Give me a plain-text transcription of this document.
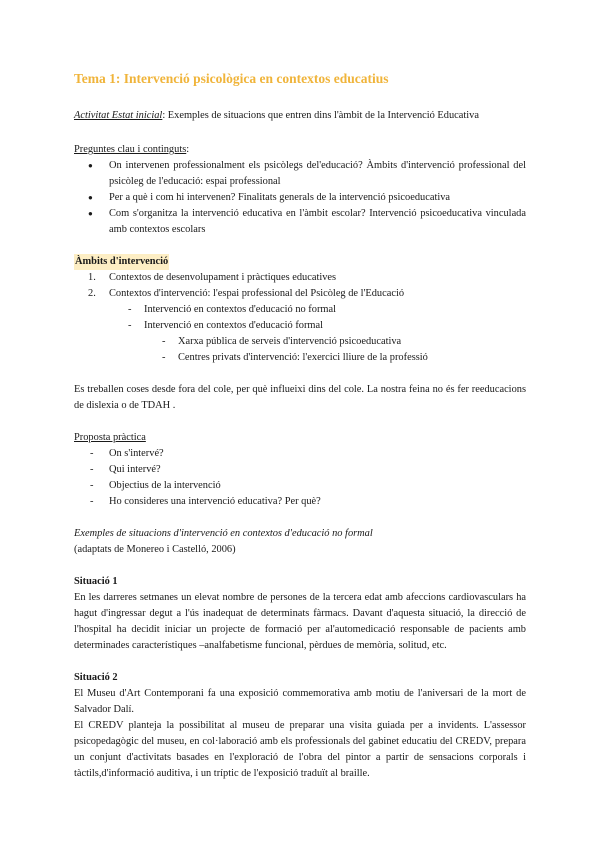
Tema 1: Intervenció psicològica en contextos educatius
Activitat Estat inicial: Exemples de situacions que entren dins l'àmbit de la Intervenció Educativa

Preguntes clau i continguts:

● On intervenen professionalment els psicòlegs del'educació? Àmbits d'intervenció professional del psicòleg de l'educació: espai professional
● Per a què i com hi intervenen? Finalitats generals de la intervenció psicoeducativa
● Com s'organitza la intervenció educativa en l'àmbit escolar? Intervenció psicoeducativa vinculada amb contextos escolars

Àmbits d'intervenció

1. Contextos de desenvolupament i pràctiques educatives
2. Contextos d'intervenció: l'espai professional del Psicòleg de l'Educació
- Intervenció en contextos d'educació no formal
- Intervenció en contextos d'educació formal
- Xarxa pública de serveis d'intervenció psicoeducativa
- Centres privats d'intervenció: l'exercici lliure de la professió

Es treballen coses desde fora del cole, per què influeixi dins del cole. La nostra feina no és fer reeducacions de dislexia o de TDAH .

Proposta pràctica

- On s'intervé?
- Qui intervé?
- Objectius de la intervenció
- Ho consideres una intervenció educativa? Per què?

Exemples de situacions d'intervenció en contextos d'educació no formal

(adaptats de Monereo i Castelló, 2006)

Situació 1

En les darreres setmanes un elevat nombre de persones de la tercera edat amb afeccions cardiovasculars ha hagut d'ingressar degut a l'ús inadequat de determinats fàrmacs. Davant d'aquesta situació, la direcció de l'hospital ha decidit iniciar un projecte de formació per al'automedicació responsable de pacients amb determinades característiques –analfabetisme funcional, pèrdues de memòria, solitud, etc.

Situació 2

El Museu d'Art Contemporani fa una exposició commemorativa amb motiu de l'aniversari de la mort de Salvador Dalí.

El CREDV planteja la possibilitat al museu de preparar una visita guiada per a invidents. L'assessor psicopedagògic del museu, en col·laboració amb els professionals del gabinet educatiu del CREDV, prepara un conjunt d'activitats basades en l'exploració de l'obra del pintor a partir de sensacions corporals i tàctils,d'informació auditiva, i un tríptic de l'exposició traduït al braille.
